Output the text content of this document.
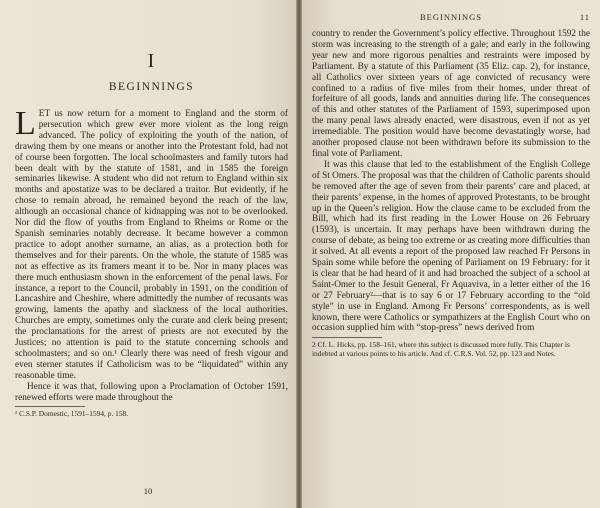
I
BEGINNINGS

LET us now return for a moment to England and the storm of persecution which grew ever more violent as the long reign advanced. The policy of exploiting the youth of the nation, of drawing them by one means or another into the Protestant fold, had not of course been forgotten. The local schoolmasters and family tutors had been dealt with by the statute of 1581, and in 1585 the foreign seminaries likewise. A student who did not return to England within six months and apostatize was to be declared a traitor. But evidently, if he chose to remain abroad, he remained beyond the reach of the law, although an occasional chance of kidnapping was not to be overlooked. Nor did the flow of youths from England to Rheims or Rome or the Spanish seminaries notably decrease. It became however a common practice to adopt another surname, an alias, as a protection both for themselves and for their parents. On the whole, the statute of 1585 was not as effective as its framers meant it to be. Nor in many places was there much enthusiasm shown in the enforcement of the penal laws. For instance, a report to the Council, probably in 1591, on the condition of Lancashire and Cheshire, where admittedly the number of recusants was growing, laments the apathy and slackness of the local authorities. Churches are empty, sometimes only the curate and clerk being present; the proclamations for the arrest of priests are not executed by the Justices; no attention is paid to the statute concerning schools and schoolmasters; and so on.¹ Clearly there was need of fresh vigour and even sterner statutes if Catholicism was to be “liquidated” within any reasonable time.

Hence it was that, following upon a Proclamation of October 1591, renewed efforts were made throughout the

¹ C.S.P. Domestic, 1591–1594, p. 158.

10
BEGINNINGS	11

country to render the Government’s policy effective. Throughout 1592 the storm was increasing to the strength of a gale; and early in the following year new and more rigorous penalties and restraints were imposed by Parliament. By a statute of this Parliament (35 Eliz. cap. 2), for instance, all Catholics over sixteen years of age convicted of recusancy were confined to a radius of five miles from their homes, under threat of forfeiture of all goods, lands and annuities during life. The consequences of this and other statutes of the Parliament of 1593, superimposed upon the many penal laws already enacted, were disastrous, even if not as yet irremediable. The position would have become devastatingly worse, had another proposed clause not been withdrawn before its submission to the final vote of Parliament.

It was this clause that led to the establishment of the English College of St Omers. The proposal was that the children of Catholic parents should be removed after the age of seven from their parents’ care and placed, at their parents’ expense, in the homes of approved Protestants, to be brought up in the Queen’s religion. How the clause came to be excluded from the Bill, which had its first reading in the Lower House on 26 February (1593), is uncertain. It may perhaps have been withdrawn during the course of debate, as being too extreme or as creating more difficulties than it solved. At all events a report of the proposed law reached Fr Persons in Spain some while before the opening of Parliament on 19 February: for it is clear that he had heard of it and had broached the subject of a school at Saint-Omer to the Jesuit General, Fr Aquaviva, in a letter either of the 16 or 27 February²—that is to say 6 or 17 February according to the “old style” in use in England. Among Fr Persons’ correspondents, as is well known, there were Catholics or sympathizers at the English Court who on occasion supplied him with “stop-press” news derived from

2 Cf. L. Hicks, pp. 158–161, where this subject is discussed more fully. This Chapter is indebted at various points to his article. And cf. C.R.S. Vol. 52, pp. 123 and Notes.
